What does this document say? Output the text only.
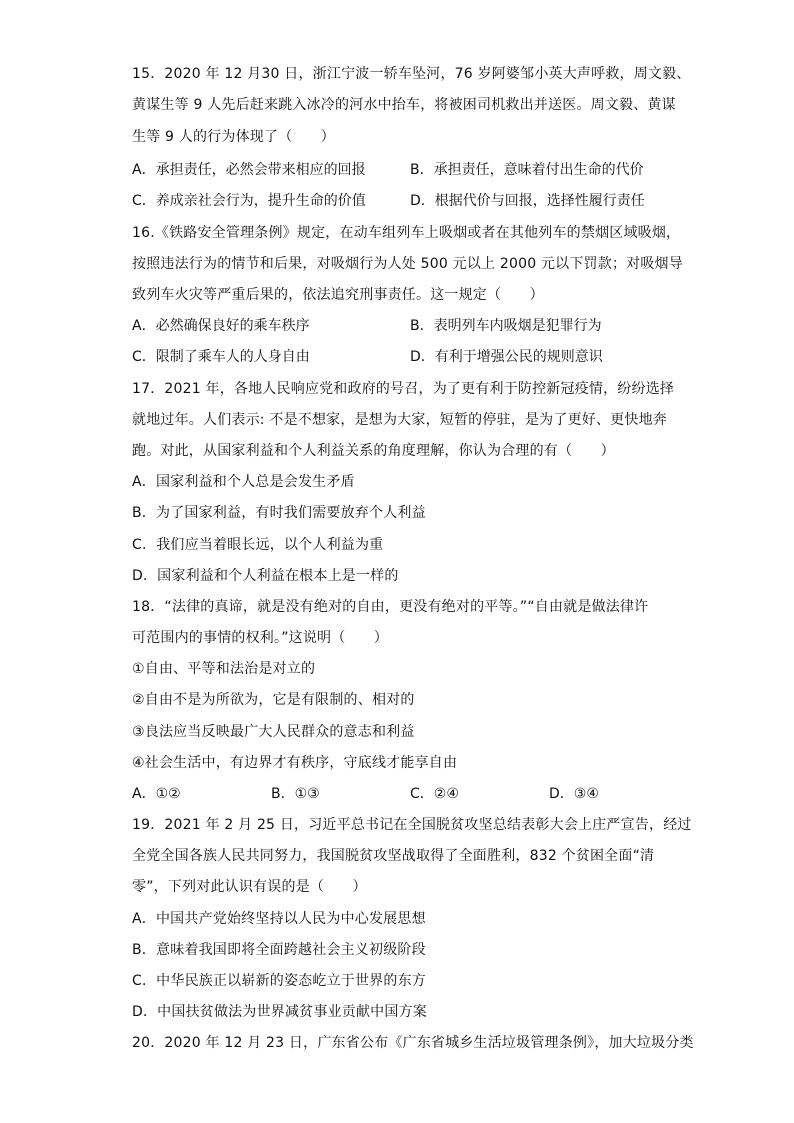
15．2020 年 12 月30 日，浙江宁波一轿车坠河，76 岁阿婆邹小英大声呼救，周文毅、
黄谋生等 9 人先后赶来跳入冰冷的河水中抬车，将被困司机救出并送医。周文毅、黄谋
生等 9 人的行为体现了（　　）
A．承担责任，必然会带来相应的回报	B．承担责任，意味着付出生命的代价
C．养成亲社会行为，提升生命的价值	D．根据代价与回报，选择性履行责任
16.《铁路安全管理条例》规定，在动车组列车上吸烟或者在其他列车的禁烟区域吸烟，
按照违法行为的情节和后果，对吸烟行为人处 500 元以上 2000 元以下罚款；对吸烟导
致列车火灾等严重后果的，依法追究刑事责任。这一规定（　　）
A．必然确保良好的乘车秩序	B．表明列车内吸烟是犯罪行为
C．限制了乘车人的人身自由	D．有利于增强公民的规则意识
17．2021 年，各地人民响应党和政府的号召，为了更有利于防控新冠疫情，纷纷选择
就地过年。人们表示: 不是不想家，是想为大家，短暂的停驻，是为了更好、更快地奔
跑。对此，从国家利益和个人利益关系的角度理解，你认为合理的有（　　）
A．国家利益和个人总是会发生矛盾
B．为了国家利益，有时我们需要放弃个人利益
C．我们应当着眼长远，以个人利益为重
D．国家利益和个人利益在根本上是一样的
18．“法律的真谛，就是没有绝对的自由，更没有绝对的平等。”“自由就是做法律许
可范围内的事情的权利。”这说明（　　）
①自由、平等和法治是对立的
②自由不是为所欲为，它是有限制的、相对的
③良法应当反映最广大人民群众的意志和利益
④社会生活中，有边界才有秩序，守底线才能享自由
A．①②	B．①③	C．②④	D．③④
19．2021 年 2 月 25 日，习近平总书记在全国脱贫攻坚总结表彰大会上庄严宣告，经过
全党全国各族人民共同努力，我国脱贫攻坚战取得了全面胜利，832 个贫困全面“清
零”，下列对此认识有误的是（　　）
A．中国共产党始终坚持以人民为中心发展思想
B．意味着我国即将全面跨越社会主义初级阶段
C．中华民族正以崭新的姿态屹立于世界的东方
D．中国扶贫做法为世界减贫事业贡献中国方案
20．2020 年 12 月 23 日，广东省公布《广东省城乡生活垃圾管理条例》，加大垃圾分类
